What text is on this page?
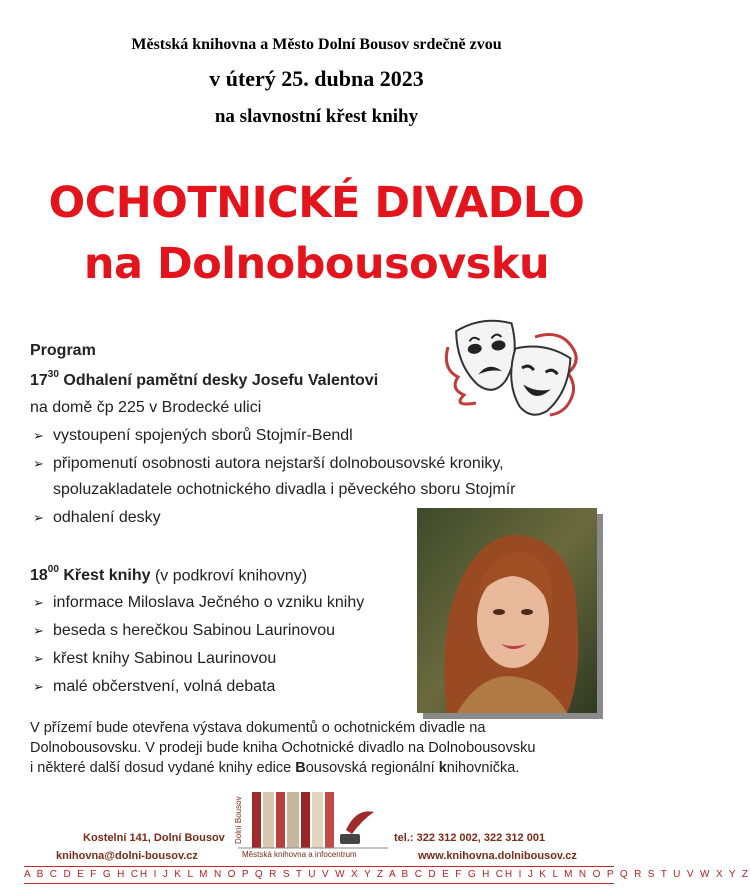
Městská knihovna a Město Dolní Bousov srdečně zvou
v úterý 25. dubna 2023
na slavnostní křest knihy
OCHOTNICKÉ DIVADLO
na Dolnobousovsku
Program
$17^{30}$ Odhalení pamětní desky Josefu Valentovi
na domě čp 225 v Brodecké ulici
➢ vystoupení spojených sborů Stojmír-Bendl
➢ připomenutí osobnosti autora nejstarší dolnobousovské kroniky,
spoluzakladatele ochotnického divadla i pěveckého sboru Stojmír
➢ odhalení desky
$18^{00}$ Křest knihy (v podkroví knihovny)
➢ informace Miloslava Ječného o vzniku knihy
➢ beseda s herečkou Sabinou Laurinovou
➢ křest knihy Sabinou Laurinovou
➢ malé občerstvení, volná debata
V přízemí bude otevřena výstava dokumentů o ochotnickém divadle na
Dolnobousovsku. V prodeji bude kniha Ochotnické divadlo na Dolnobousovsku
i některé další dosud vydané knihy edice Bousovská regionální knihovnička.
Kostelní 141, Dolní Bousov
knihovna@dolni-bousov.cz
tel.: 322 312 002, 322 312 001
www.knihovna.dolnibousov.cz
Dolní Bousov
Městská knihovna a infocentrum
A B C D E F G H CH I J K L M N O P Q R S T U V W X Y Z A B C D E F G H CH I J K L M N O P Q R S T U V W X Y Z
